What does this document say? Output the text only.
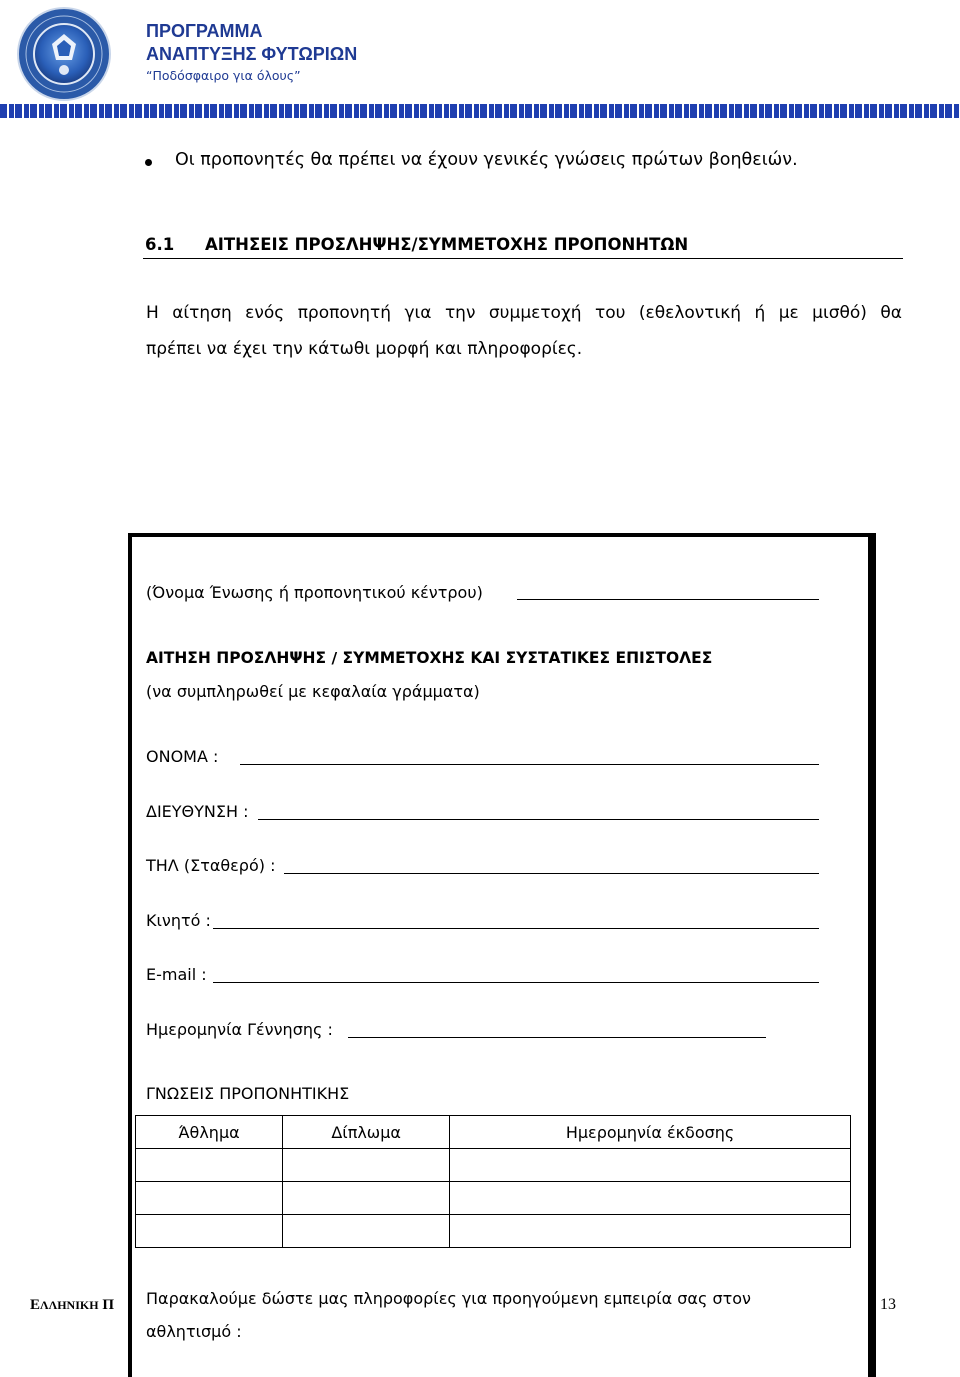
ΠΡΟΓΡΑΜΜΑ
ΑΝΑΠΤΥΞΗΣ ΦΥΤΩΡΙΩΝ
“Ποδόσφαιρο για όλους”
Οι προπονητές θα πρέπει να έχουν γενικές γνώσεις πρώτων βοηθειών.
6.1 ΑΙΤΗΣΕΙΣ ΠΡΟΣΛΗΨΗΣ/ΣΥΜΜΕΤΟΧΗΣ ΠΡΟΠΟΝΗΤΩΝ
Η αίτηση ενός προπονητή για την συμμετοχή του (εθελοντική ή με μισθό) θα
πρέπει να έχει την κάτωθι μορφή και πληροφορίες.
(Όνομα Ένωσης ή προπονητικού κέντρου)
ΑΙΤΗΣΗ ΠΡΟΣΛΗΨΗΣ / ΣΥΜΜΕΤΟΧΗΣ ΚΑΙ ΣΥΣΤΑΤΙΚΕΣ ΕΠΙΣΤΟΛΕΣ
(να συμπληρωθεί με κεφαλαία γράμματα)
ΟΝΟΜΑ :
ΔΙΕΥΘΥΝΣΗ :
ΤΗΛ (Σταθερό) :
Κινητό :
E-mail :
Ημερομηνία Γέννησης :
ΓΝΩΣΕΙΣ ΠΡΟΠΟΝΗΤΙΚΗΣ
Άθλημα	Δίπλωμα	Ημερομηνία έκδοσης

Παρακαλούμε δώστε μας πληροφορίες για προηγούμενη εμπειρία σας στον
αθλητισμό :
ΕΛΛΗΝΙΚΗ Π	13
